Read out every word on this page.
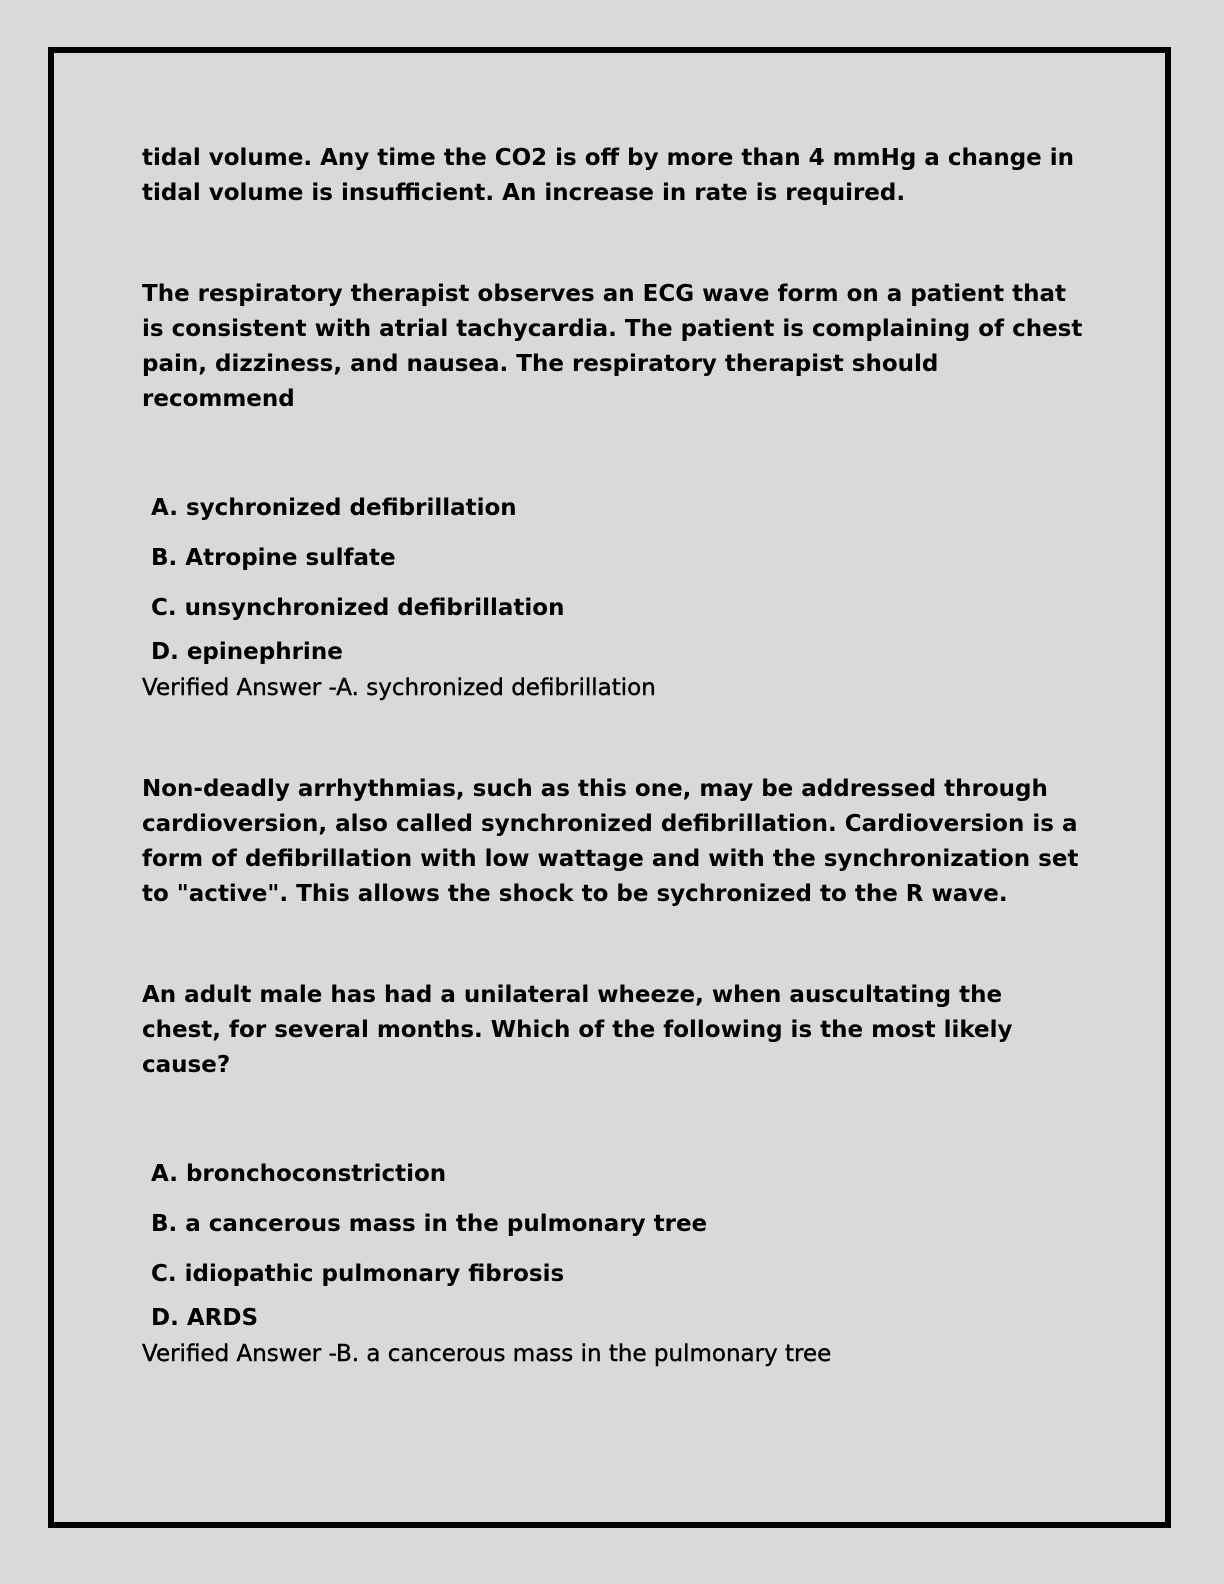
tidal volume. Any time the CO2 is off by more than 4 mmHg a change in tidal volume is insufficient. An increase in rate is required.

The respiratory therapist observes an ECG wave form on a patient that is consistent with atrial tachycardia. The patient is complaining of chest pain, dizziness, and nausea. The respiratory therapist should recommend

A. sychronized defibrillation
B. Atropine sulfate
C. unsynchronized defibrillation
D. epinephrine

Verified Answer -A. sychronized defibrillation

Non-deadly arrhythmias, such as this one, may be addressed through cardioversion, also called synchronized defibrillation. Cardioversion is a form of defibrillation with low wattage and with the synchronization set to "active". This allows the shock to be sychronized to the R wave.

An adult male has had a unilateral wheeze, when auscultating the chest, for several months. Which of the following is the most likely cause?

A. bronchoconstriction
B. a cancerous mass in the pulmonary tree
C. idiopathic pulmonary fibrosis
D. ARDS

Verified Answer -B. a cancerous mass in the pulmonary tree
